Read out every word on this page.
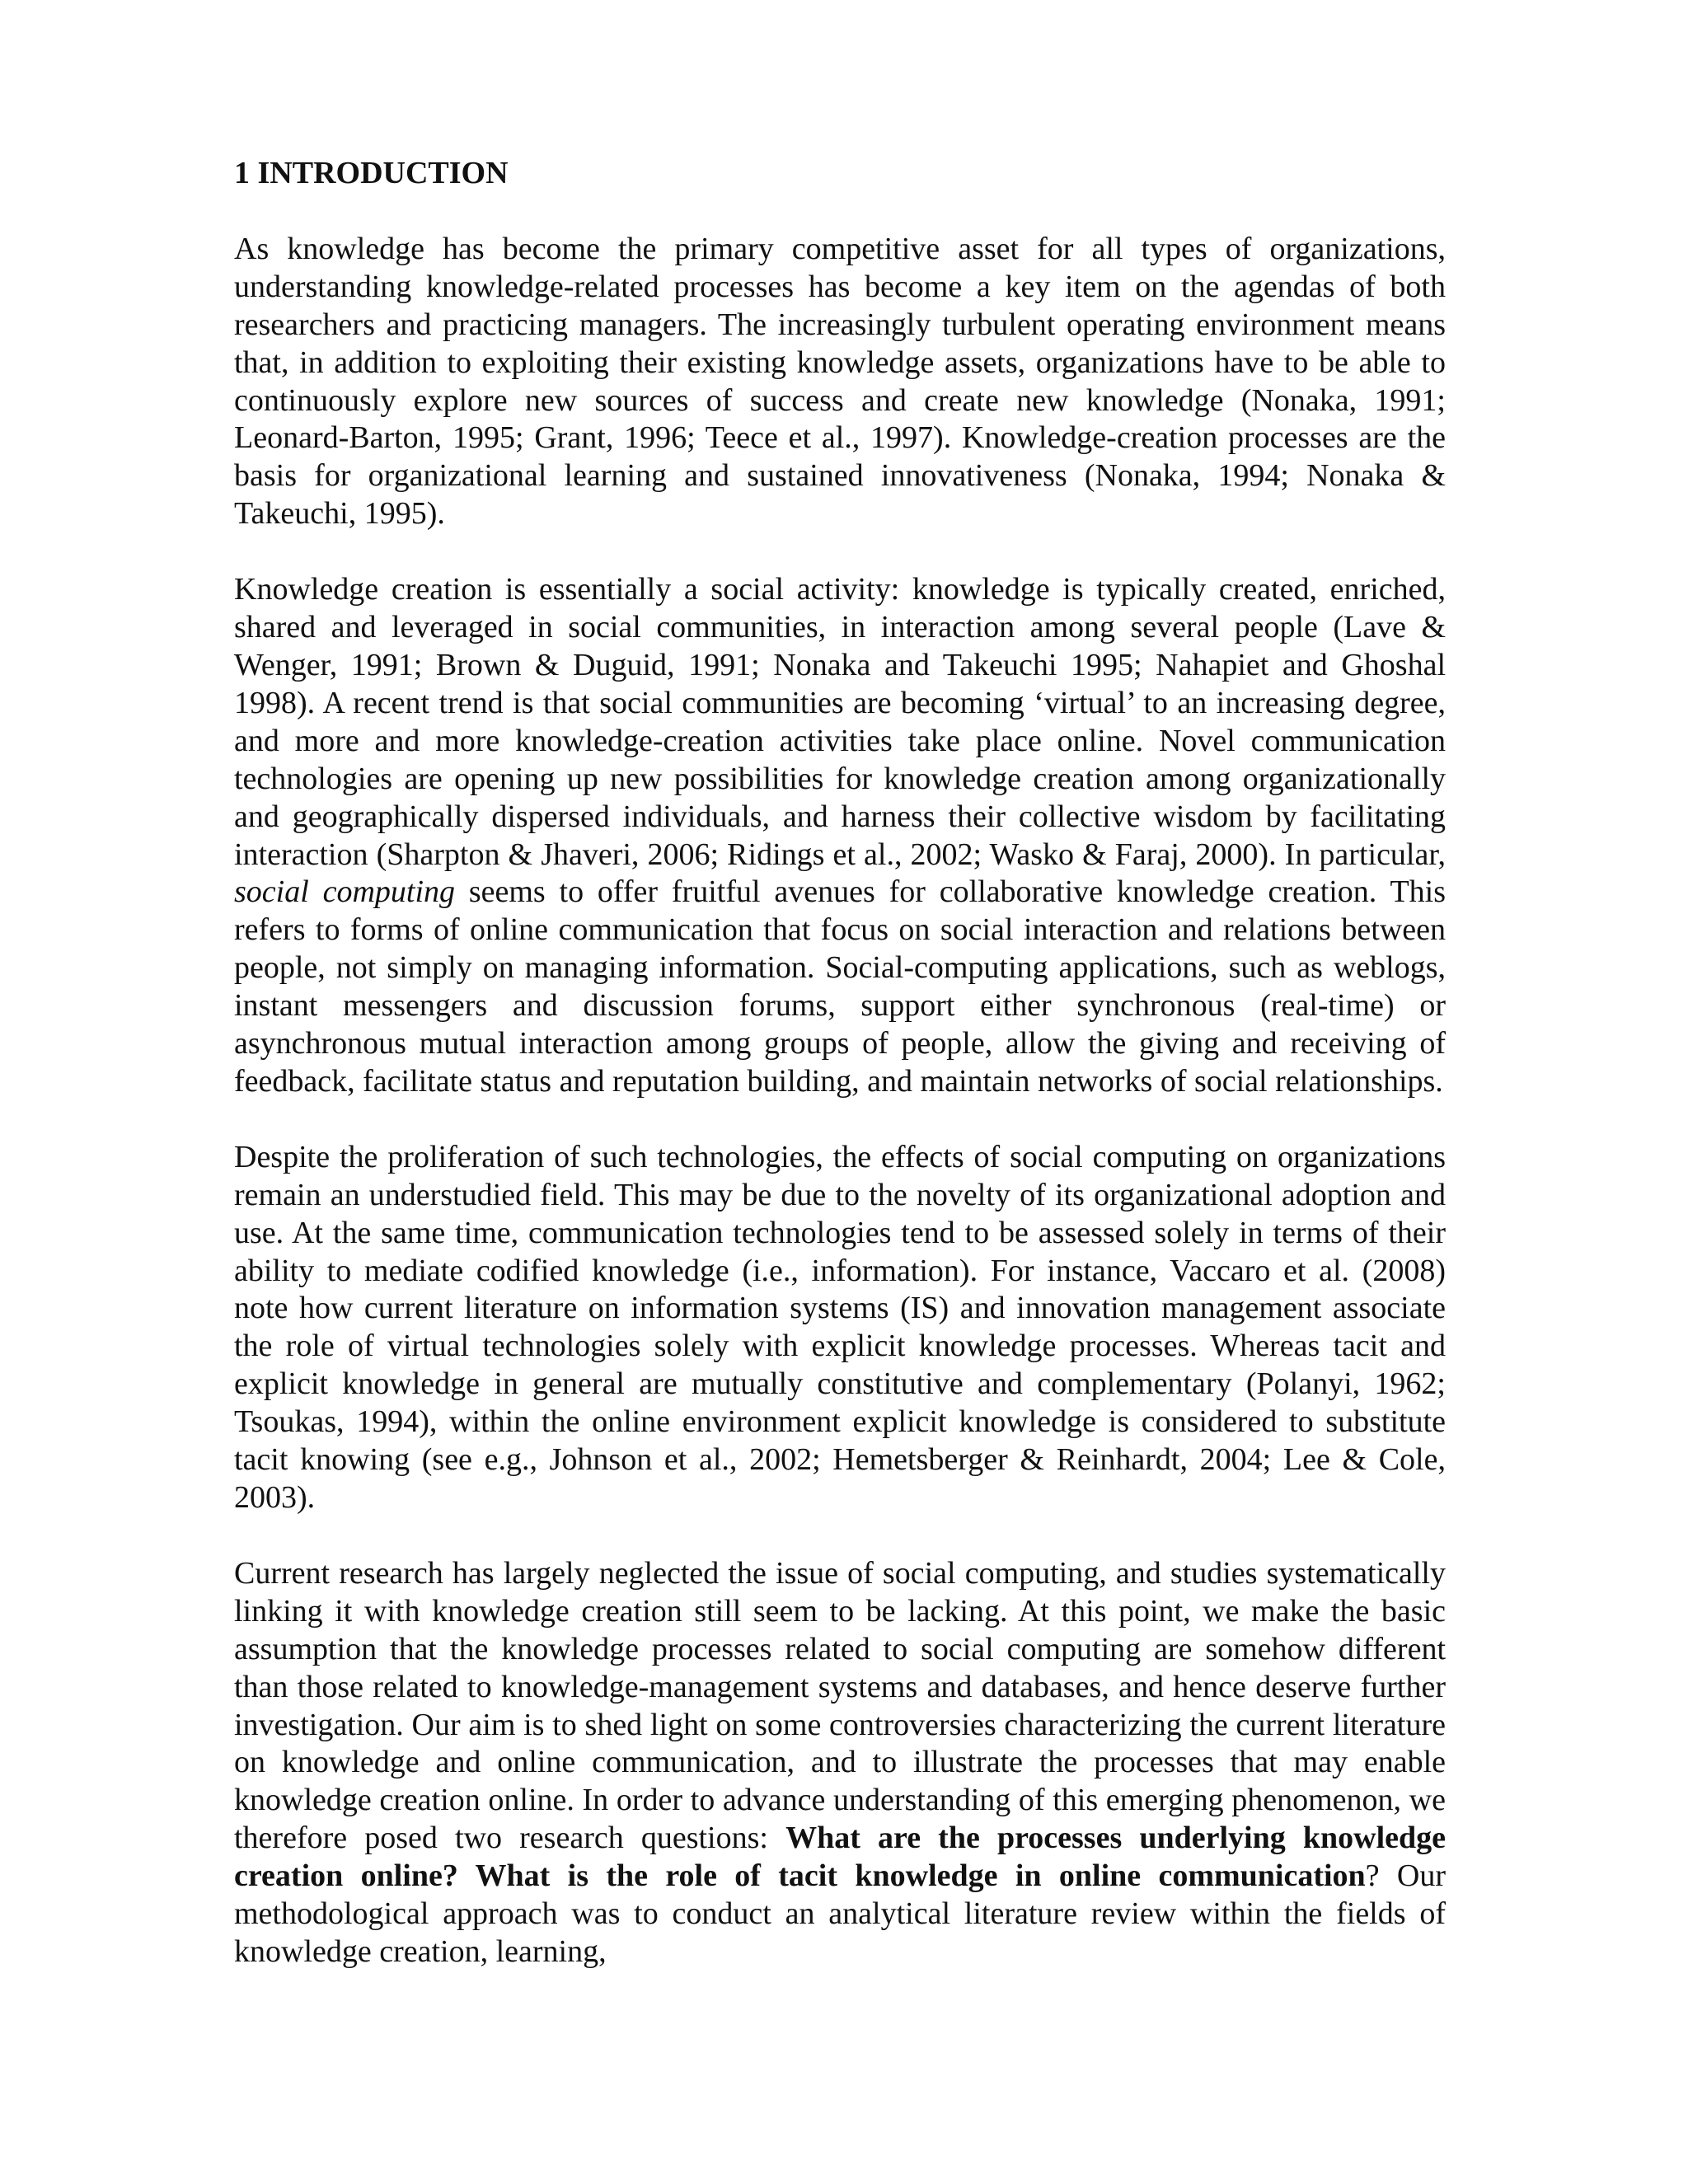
1 INTRODUCTION

As knowledge has become the primary competitive asset for all types of organizations, understanding knowledge-related processes has become a key item on the agendas of both researchers and practicing managers. The increasingly turbulent operating environment means that, in addition to exploiting their existing knowledge assets, organizations have to be able to continuously explore new sources of success and create new knowledge (Nonaka, 1991; Leonard-Barton, 1995; Grant, 1996; Teece et al., 1997). Knowledge-creation processes are the basis for organizational learning and sustained innovativeness (Nonaka, 1994; Nonaka & Takeuchi, 1995).

Knowledge creation is essentially a social activity: knowledge is typically created, enriched, shared and leveraged in social communities, in interaction among several people (Lave & Wenger, 1991; Brown & Duguid, 1991; Nonaka and Takeuchi 1995; Nahapiet and Ghoshal 1998). A recent trend is that social communities are becoming ‘virtual’ to an increasing degree, and more and more knowledge-creation activities take place online. Novel communication technologies are opening up new possibilities for knowledge creation among organizationally and geographically dispersed individuals, and harness their collective wisdom by facilitating interaction (Sharpton & Jhaveri, 2006; Ridings et al., 2002; Wasko & Faraj, 2000). In particular, social computing seems to offer fruitful avenues for collaborative knowledge creation. This refers to forms of online communication that focus on social interaction and relations between people, not simply on managing information. Social-computing applications, such as weblogs, instant messengers and discussion forums, support either synchronous (real-time) or asynchronous mutual interaction among groups of people, allow the giving and receiving of feedback, facilitate status and reputation building, and maintain networks of social relationships.

Despite the proliferation of such technologies, the effects of social computing on organizations remain an understudied field. This may be due to the novelty of its organizational adoption and use. At the same time, communication technologies tend to be assessed solely in terms of their ability to mediate codified knowledge (i.e., information). For instance, Vaccaro et al. (2008) note how current literature on information systems (IS) and innovation management associate the role of virtual technologies solely with explicit knowledge processes. Whereas tacit and explicit knowledge in general are mutually constitutive and complementary (Polanyi, 1962; Tsoukas, 1994), within the online environment explicit knowledge is considered to substitute tacit knowing (see e.g., Johnson et al., 2002; Hemetsberger & Reinhardt, 2004; Lee & Cole, 2003).

Current research has largely neglected the issue of social computing, and studies systematically linking it with knowledge creation still seem to be lacking. At this point, we make the basic assumption that the knowledge processes related to social computing are somehow different than those related to knowledge-management systems and databases, and hence deserve further investigation. Our aim is to shed light on some controversies characterizing the current literature on knowledge and online communication, and to illustrate the processes that may enable knowledge creation online. In order to advance understanding of this emerging phenomenon, we therefore posed two research questions: What are the processes underlying knowledge creation online? What is the role of tacit knowledge in online communication? Our methodological approach was to conduct an analytical literature review within the fields of knowledge creation, learning,
